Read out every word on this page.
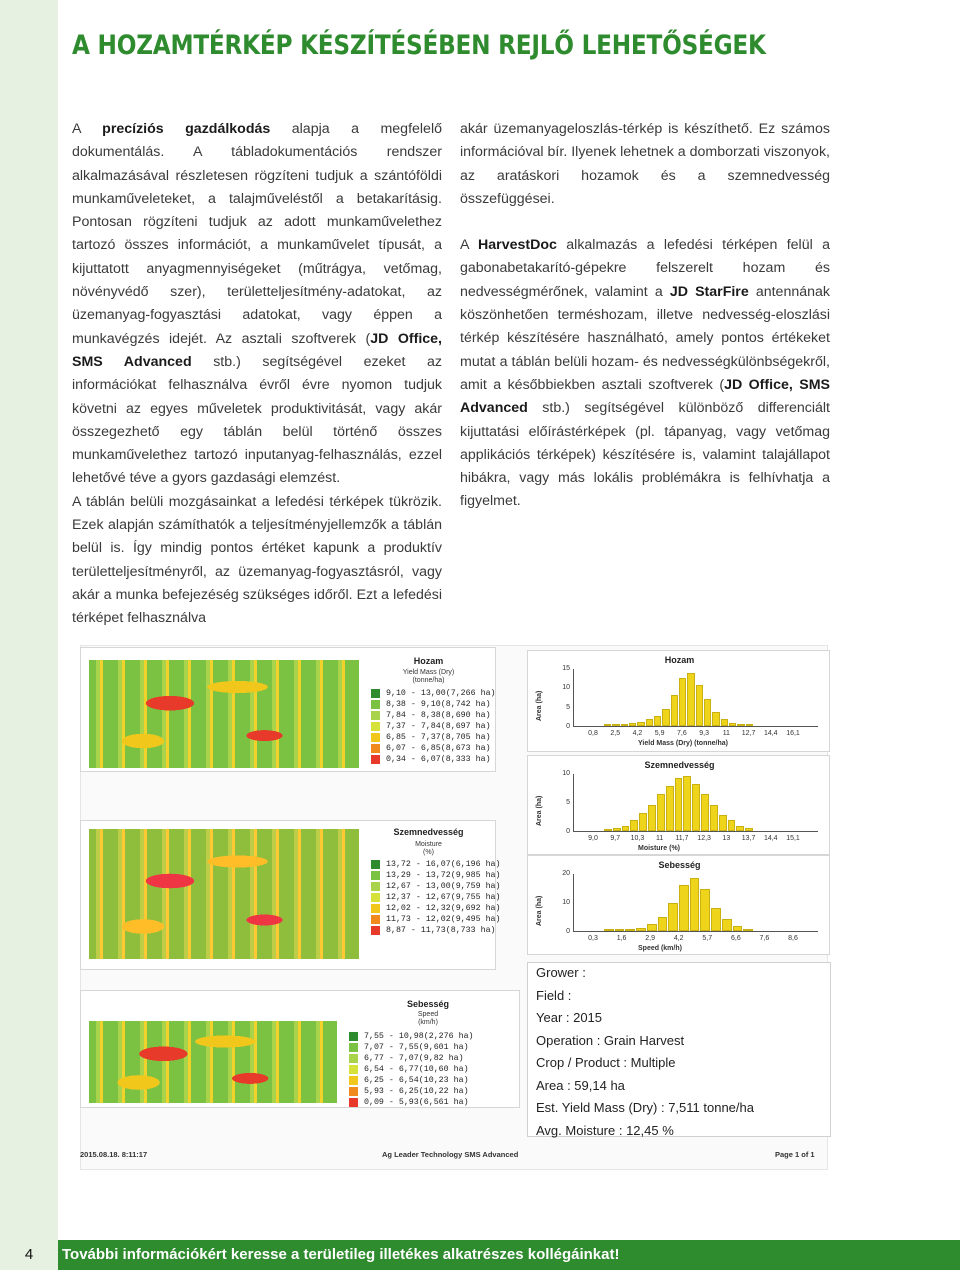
A HOZAMTÉRKÉP KÉSZÍTÉSÉBEN REJLŐ LEHETŐSÉGEK

A precíziós gazdálkodás alapja a megfelelő dokumentálás. A tábladokumentációs rendszer alkalmazásával részletesen rögzíteni tudjuk a szántóföldi munkaműveleteket, a talajműveléstől a betakarításig. Pontosan rögzíteni tudjuk az adott munkaművelethez tartozó összes információt, a munkaművelet típusát, a kijuttatott anyagmennyiségeket (műtrágya, vetőmag, növényvédő szer), területteljesítmény-adatokat, az üzemanyag-fogyasztási adatokat, vagy éppen a munkavégzés idejét. Az asztali szoftverek (JD Office, SMS Advanced stb.) segítségével ezeket az információkat felhasználva évről évre nyomon tudjuk követni az egyes műveletek produktivitását, vagy akár összegezhető egy táblán belül történő összes munkaművelethez tartozó inputanyag-felhasználás, ezzel lehetővé téve a gyors gazdasági elemzést.

A táblán belüli mozgásainkat a lefedési térképek tükrözik. Ezek alapján számíthatók a teljesítményjellemzők a táblán belül is. Így mindig pontos értéket kapunk a produktív területteljesítményről, az üzemanyag-fogyasztásról, vagy akár a munka befejezéség szükséges időről. Ezt a lefedési térképet felhasználva

akár üzemanyageloszlás-térkép is készíthető. Ez számos információval bír. Ilyenek lehetnek a domborzati viszonyok, az aratáskori hozamok és a szemnedvesség összefüggései.

A HarvestDoc alkalmazás a lefedési térképen felül a gabonabetakarító-gépekre felszerelt hozam és nedvességmérőnek, valamint a JD StarFire antennának köszönhetően terméshozam, illetve nedvesség-eloszlási térkép készítésére használható, amely pontos értékeket mutat a táblán belüli hozam- és nedvességkülönbségekről, amit a későbbiekben asztali szoftverek (JD Office, SMS Advanced stb.) segítségével különböző differenciált kijuttatási előírástérképek (pl. tápanyag, vagy vetőmag applikációs térképek) készítésére is, valamint talajállapot hibákra, vagy más lokális problémákra is felhívhatja a figyelmet.

Hozam
Yield Mass (Dry)
(tonne/ha)
9,10 - 13,00(7,266 ha)
8,38 - 9,10(8,742 ha)
7,84 - 8,38(8,690 ha)
7,37 - 7,84(8,697 ha)
6,85 - 7,37(8,705 ha)
6,07 - 6,85(8,673 ha)
0,34 - 6,07(8,333 ha)
Szemnedvesség
Moisture
(%)
13,72 - 16,07(6,196 ha)
13,29 - 13,72(9,985 ha)
12,67 - 13,00(9,759 ha)
12,37 - 12,67(9,755 ha)
12,02 - 12,32(9,692 ha)
11,73 - 12,02(9,495 ha)
8,87 - 11,73(8,733 ha)
Sebesség
Speed
(km/h)
7,55 - 10,98(2,276 ha)
7,07 - 7,55(9,601 ha)
6,77 - 7,07(9,82 ha)
6,54 - 6,77(10,60 ha)
6,25 - 6,54(10,23 ha)
5,93 - 6,25(10,22 ha)
0,09 - 5,93(6,561 ha)
Hozam
15
10
5
0
0,8 2,5 4,2 5,9 7,6 9,3 11 12,7 14,4 16,1
Yield Mass (Dry) (tonne/ha)
Area (ha)
Szemnedvesség
10
5
0
9,0 9,7 10,3 11 11,7 12,3 13 13,7 14,4 15,1
Moisture (%)
Area (ha)
Sebesség
20
10
0
0,3	1,6	2,9	4,2	5,7	6,6	7,6	8,6
Speed (km/h)
Area (ha)
Grower :
Field :
Year : 2015
Operation : Grain Harvest
Crop / Product : Multiple
Area : 59,14 ha
Est. Yield Mass (Dry) : 7,511 tonne/ha
Avg. Moisture : 12,45 %
2015.08.18. 8:11:17	Ag Leader Technology SMS Advanced	Page 1 of 1
4	További információkért keresse a területileg illetékes alkatrészes kollégáinkat!
